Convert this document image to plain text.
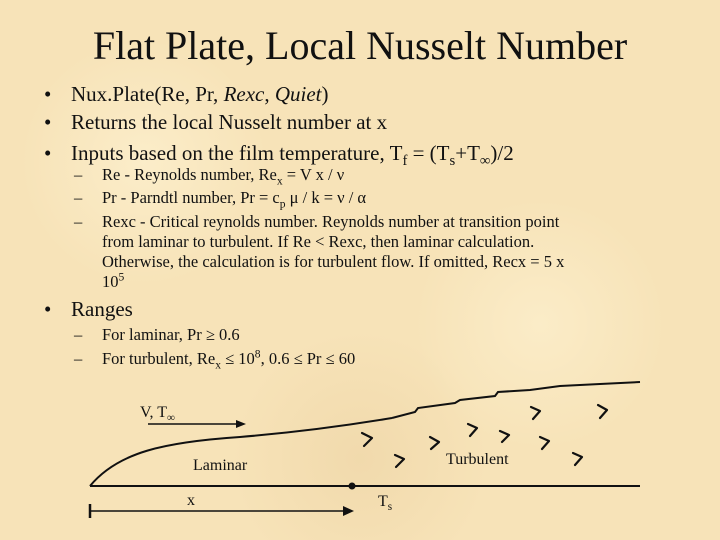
Flat Plate, Local Nusselt Number
• Nux.Plate(Re, Pr, Rexc, Quiet)
• Returns the local Nusselt number at x
• Inputs based on the film temperature, $T_f = (T_s+T_\infty)/2$
– Re - Reynolds number, $Re_x = V$ x / ν
– Pr - Parndtl number, $Pr = c_p$ μ / k = ν / α
– Rexc - Critical reynolds number. Reynolds number at transition point
from laminar to turbulent. If Re < Rexc, then laminar calculation.
Otherwise, the calculation is for turbulent flow. If omitted, Recx = 5 x
$10^5$
• Ranges
– For laminar, Pr ≥ 0.6
– For turbulent, $Re_x \le 10^8$, 0.6 ≤ Pr ≤ 60
V, $T_\infty$
Laminar	Turbulent
x	$T_s$
